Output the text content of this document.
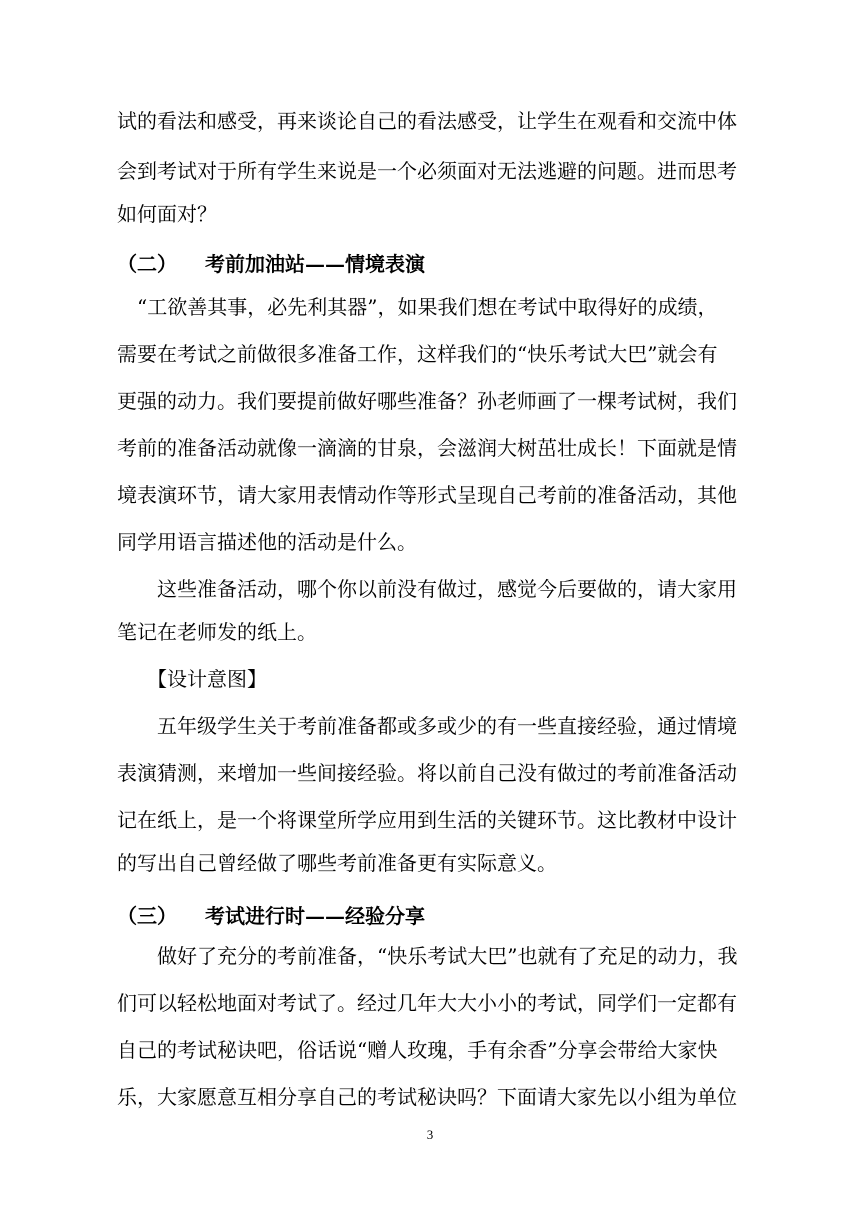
试的看法和感受，再来谈论自己的看法感受，让学生在观看和交流中体
会到考试对于所有学生来说是一个必须面对无法逃避的问题。进而思考
如何面对？
（二） 考前加油站——情境表演
　“工欲善其事，必先利其器”，如果我们想在考试中取得好的成绩，
需要在考试之前做很多准备工作，这样我们的“快乐考试大巴”就会有
更强的动力。我们要提前做好哪些准备？孙老师画了一棵考试树，我们
考前的准备活动就像一滴滴的甘泉，会滋润大树茁壮成长！下面就是情
境表演环节，请大家用表情动作等形式呈现自己考前的准备活动，其他
同学用语言描述他的活动是什么。
　　这些准备活动，哪个你以前没有做过，感觉今后要做的，请大家用
笔记在老师发的纸上。
　　【设计意图】
　　五年级学生关于考前准备都或多或少的有一些直接经验，通过情境
表演猜测，来增加一些间接经验。将以前自己没有做过的考前准备活动
记在纸上，是一个将课堂所学应用到生活的关键环节。这比教材中设计
的写出自己曾经做了哪些考前准备更有实际意义。
（三） 考试进行时——经验分享
　　做好了充分的考前准备，“快乐考试大巴”也就有了充足的动力，我
们可以轻松地面对考试了。经过几年大大小小的考试，同学们一定都有
自己的考试秘诀吧，俗话说“赠人玫瑰，手有余香”分享会带给大家快
乐，大家愿意互相分享自己的考试秘诀吗？下面请大家先以小组为单位
3
